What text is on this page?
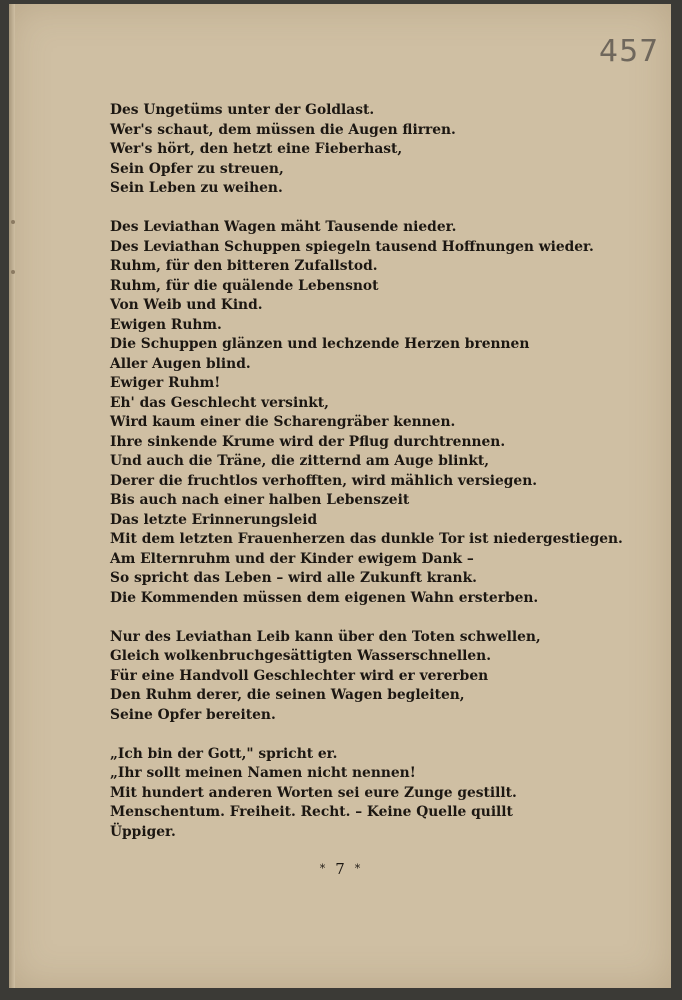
457
Des Ungetüms unter der Goldlast.
Wer's schaut, dem müssen die Augen flirren.
Wer's hört, den hetzt eine Fieberhast,
Sein Opfer zu streuen,
Sein Leben zu weihen.
Des Leviathan Wagen mäht Tausende nieder.
Des Leviathan Schuppen spiegeln tausend Hoffnungen wieder.
Ruhm, für den bitteren Zufallstod.
Ruhm, für die quälende Lebensnot
Von Weib und Kind.
Ewigen Ruhm.
Die Schuppen glänzen und lechzende Herzen brennen
Aller Augen blind.
Ewiger Ruhm!
Eh' das Geschlecht versinkt,
Wird kaum einer die Scharengräber kennen.
Ihre sinkende Krume wird der Pflug durchtrennen.
Und auch die Träne, die zitternd am Auge blinkt,
Derer die fruchtlos verhofften, wird mählich versiegen.
Bis auch nach einer halben Lebenszeit
Das letzte Erinnerungsleid
Mit dem letzten Frauenherzen das dunkle Tor ist niedergestiegen.
Am Elternruhm und der Kinder ewigem Dank –
So spricht das Leben – wird alle Zukunft krank.
Die Kommenden müssen dem eigenen Wahn ersterben.
Nur des Leviathan Leib kann über den Toten schwellen,
Gleich wolkenbruchgesättigten Wasserschnellen.
Für eine Handvoll Geschlechter wird er vererben
Den Ruhm derer, die seinen Wagen begleiten,
Seine Opfer bereiten.
„Ich bin der Gott," spricht er.
„Ihr sollt meinen Namen nicht nennen!
Mit hundert anderen Worten sei eure Zunge gestillt.
Menschentum. Freiheit. Recht. – Keine Quelle quillt
Üppiger.
* 7 *
